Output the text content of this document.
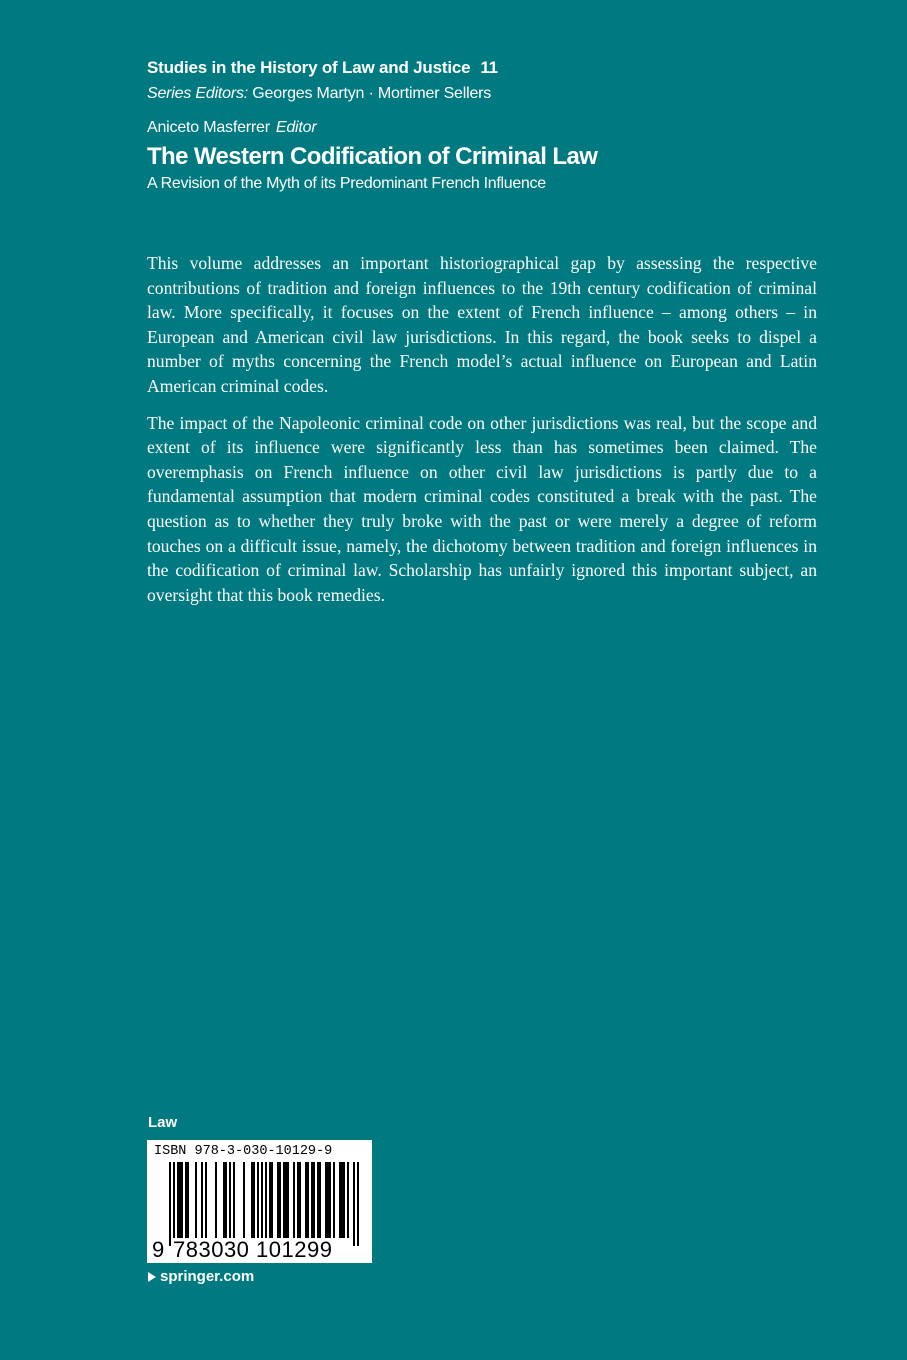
Studies in the History of Law and Justice 11
Series Editors: Georges Martyn · Mortimer Sellers
Aniceto Masferrer Editor
The Western Codification of Criminal Law
A Revision of the Myth of its Predominant French Influence

This volume addresses an important historiographical gap by assessing the respective contributions of tradition and foreign influences to the 19th century codification of criminal law. More specifically, it focuses on the extent of French influence – among others – in European and American civil law jurisdictions. In this regard, the book seeks to dispel a number of myths concerning the French model’s actual influence on European and Latin American criminal codes.

The impact of the Napoleonic criminal code on other jurisdictions was real, but the scope and extent of its influence were significantly less than has sometimes been claimed. The overemphasis on French influence on other civil law jurisdictions is partly due to a fundamental assumption that modern criminal codes constituted a break with the past. The question as to whether they truly broke with the past or were merely a degree of reform touches on a difficult issue, namely, the dichotomy between tradition and foreign influences in the codification of criminal law. Scholarship has unfairly ignored this important subject, an oversight that this book remedies.

Law
ISBN 978-3-030-10129-9
9 783030 101299
springer.com
